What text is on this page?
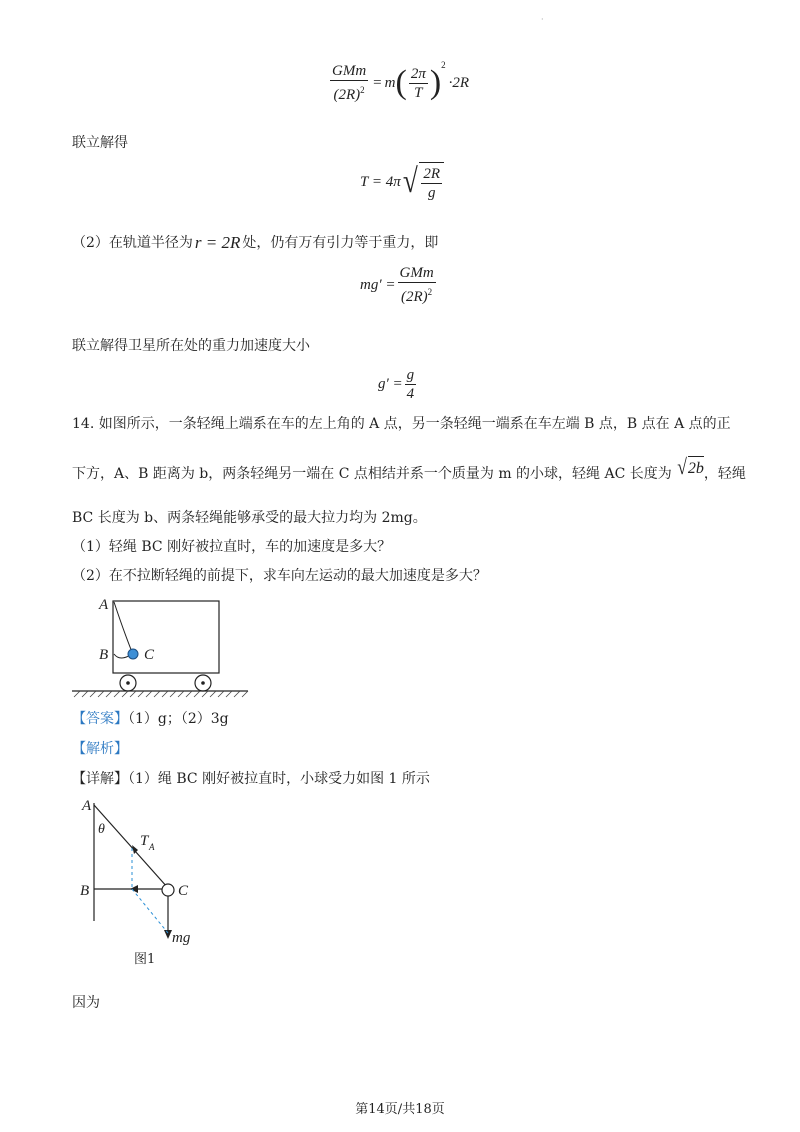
·
$\frac{\text{GMm}}{(2R)^2} = m$ ( $\frac{2\pi}{T}$ ) 2
·2R
联立解得
T = 4π √ $\frac{2R}{g}$
（2）在轨道半径为 r = 2R 处，仍有万有引力等于重力，即
$mg' = \frac{\text{GMm}}{(2R)^2}$
联立解得卫星所在处的重力加速度大小
$g' = \frac{g}{4}$
14. 如图所示，一条轻绳上端系在车的左上角的 A 点，另一条轻绳一端系在车左端 B 点，B 点在 A 点的正
下方，A、B 距离为 b，两条轻绳另一端在 C 点相结并系一个质量为 m 的小球，轻绳 AC 长度为 √ 2b ，轻绳
BC 长度为 b、两条轻绳能够承受的最大拉力均为 2mg。
（1）轻绳 BC 刚好被拉直时，车的加速度是多大？
（2）在不拉断轻绳的前提下，求车向左运动的最大加速度是多大？
A
B C
【答案】（1）g；（2）3g
【解析】
【详解】（1）绳 BC 刚好被拉直时，小球受力如图 1 所示
A
θ
T A
B	C
mg
图1
因为
第14页/共18页
